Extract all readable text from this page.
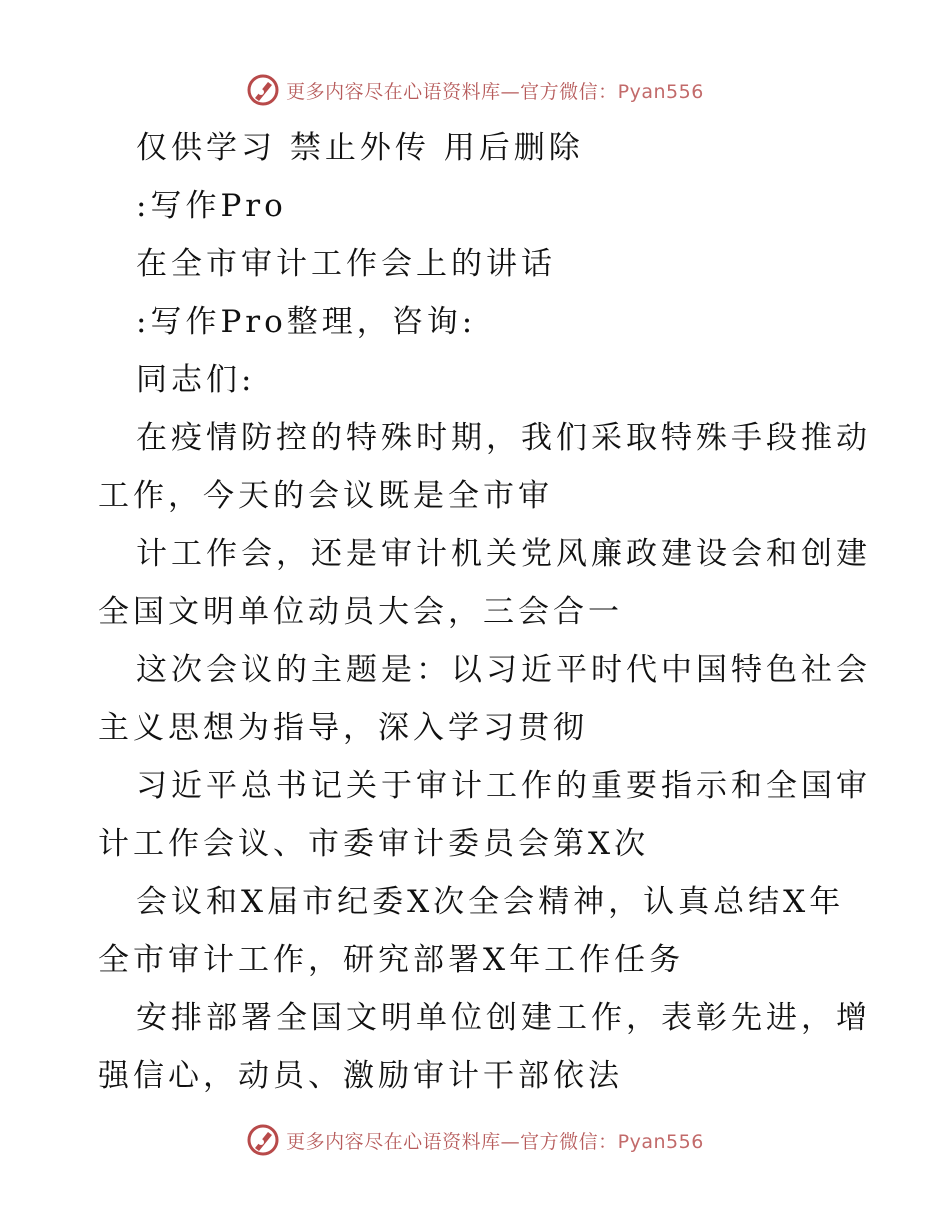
更多内容尽在心语资料库—官方微信：Pyan556
仅供学习 禁止外传 用后删除
:写作Pro
在全市审计工作会上的讲话
:写作Pro整理，咨询:
同志们:
在疫情防控的特殊时期，我们采取特殊手段推动
工作，今天的会议既是全市审
计工作会，还是审计机关党风廉政建设会和创建
全国文明单位动员大会，三会合一
这次会议的主题是：以习近平时代中国特色社会
主义思想为指导，深入学习贯彻
习近平总书记关于审计工作的重要指示和全国审
计工作会议、市委审计委员会第X次
会议和X届市纪委X次全会精神，认真总结X年
全市审计工作，研究部署X年工作任务
安排部署全国文明单位创建工作，表彰先进，增
强信心，动员、激励审计干部依法
更多内容尽在心语资料库—官方微信：Pyan556
